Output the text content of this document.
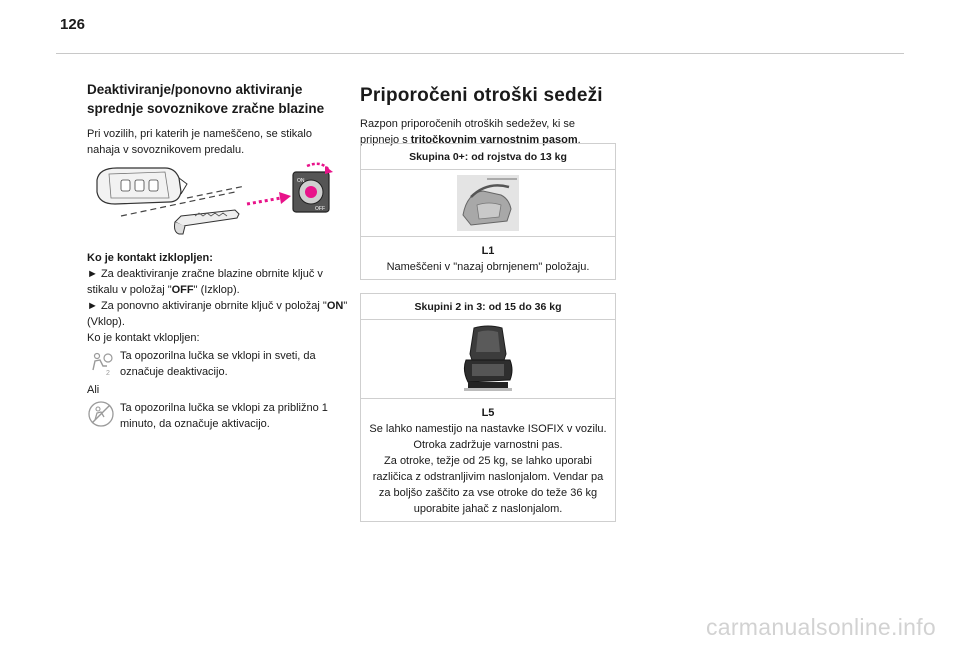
126
Deaktiviranje/ponovno aktiviranje sprednje sovoznikove zračne blazine

Pri vozilih, pri katerih je nameščeno, se stikalo nahaja v sovoznikovem predalu.

ON
OFF

Ko je kontakt izklopljen:

► Za deaktiviranje zračne blazine obrnite ključ v stikalu v položaj "OFF" (Izklop).

► Za ponovno aktiviranje obrnite ključ v položaj "ON" (Vklop).

Ko je kontakt vklopljen:

2
Ta opozorilna lučka se vklopi in sveti, da označuje deaktivacijo.

Ali

Ta opozorilna lučka se vklopi za približno 1 minuto, da označuje aktivacijo.
Priporočeni otroški sedeži

Razpon priporočenih otroških sedežev, ki se pripnejo s tritočkovnim varnostnim pasom.

Skupina 0+: od rojstva do 13 kg
L1
Nameščeni v "nazaj obrnjenem" položaju.
Skupini 2 in 3: od 15 do 36 kg
L5
Se lahko namestijo na nastavke ISOFIX v vozilu.
Otroka zadržuje varnostni pas.
Za otroke, težje od 25 kg, se lahko uporabi različica z odstranljivim naslonjalom. Vendar pa za boljšo zaščito za vse otroke do teže 36 kg uporabite jahač z naslonjalom.
carmanualsonline.info
